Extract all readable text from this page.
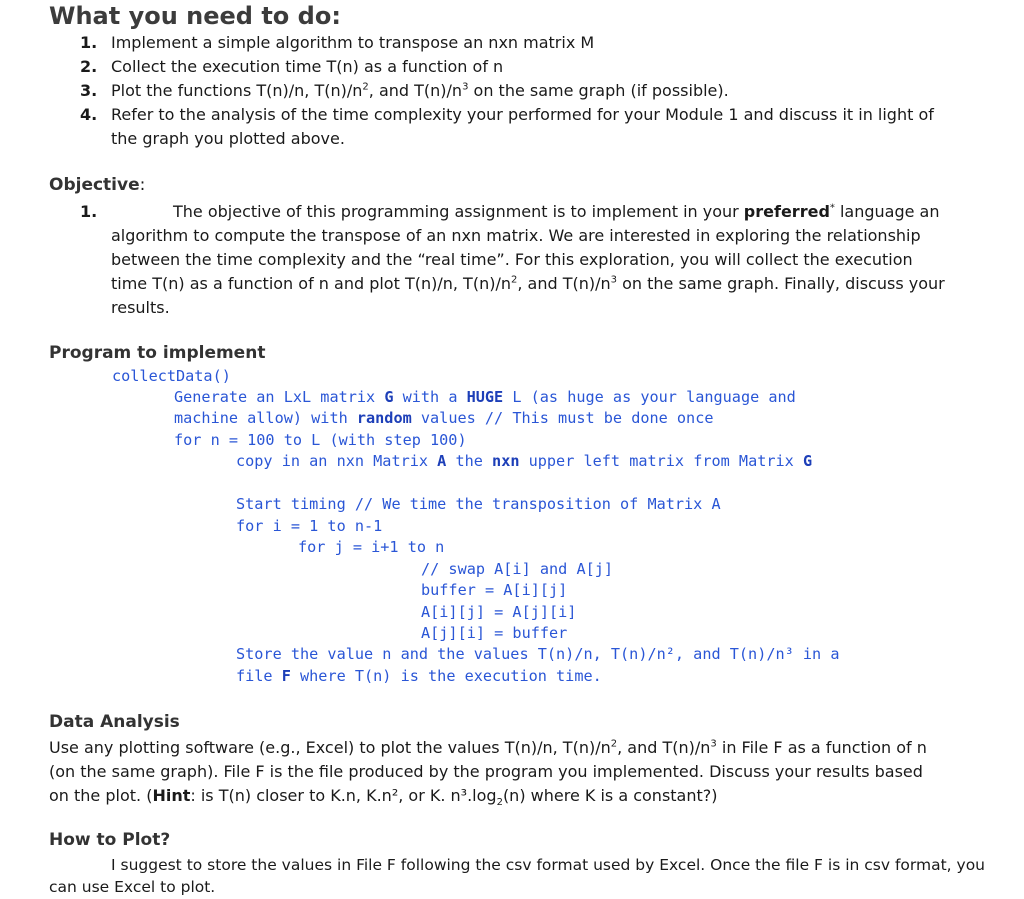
What you need to do:
1. Implement a simple algorithm to transpose an nxn matrix M
2. Collect the execution time T(n) as a function of n
3. Plot the functions T(n)/n, $T(n)/n^2$, and $T(n)/n^3$ on the same graph (if possible).
4. Refer to the analysis of the time complexity your performed for your Module 1 and discuss it in light of
the graph you plotted above.
Objective:
1.	The objective of this programming assignment is to implement in your preferred* language an
algorithm to compute the transpose of an nxn matrix. We are interested in exploring the relationship
between the time complexity and the “real time”. For this exploration, you will collect the execution
time T(n) as a function of n and plot T(n)/n, $T(n)/n^2$, and $T(n)/n^3$ on the same graph. Finally, discuss your
results.
Program to implement
collectData()
Generate an LxL matrix G with a HUGE L (as huge as your language and
machine allow) with random values // This must be done once
for n = 100 to L (with step 100)
copy in an nxn Matrix A the nxn upper left matrix from Matrix G
Start timing // We time the transposition of Matrix A
for i = 1 to n-1
for j = i+1 to n
// swap A[i] and A[j]
buffer = A[i][j]
A[i][j] = A[j][i]
A[j][i] = buffer
Store the value n and the values T(n)/n, T(n)/n², and T(n)/n³ in a
file F where T(n) is the execution time.
Data Analysis
Use any plotting software (e.g., Excel) to plot the values T(n)/n, $T(n)/n^2$, and $T(n)/n^3$ in File F as a function of n
(on the same graph). File F is the file produced by the program you implemented. Discuss your results based
on the plot. (Hint: is T(n) closer to K.n, K.n², or K. $n^3.\log_2(n)$ where K is a constant?)
How to Plot?
I suggest to store the values in File F following the csv format used by Excel. Once the file F is in csv format, you
can use Excel to plot.
